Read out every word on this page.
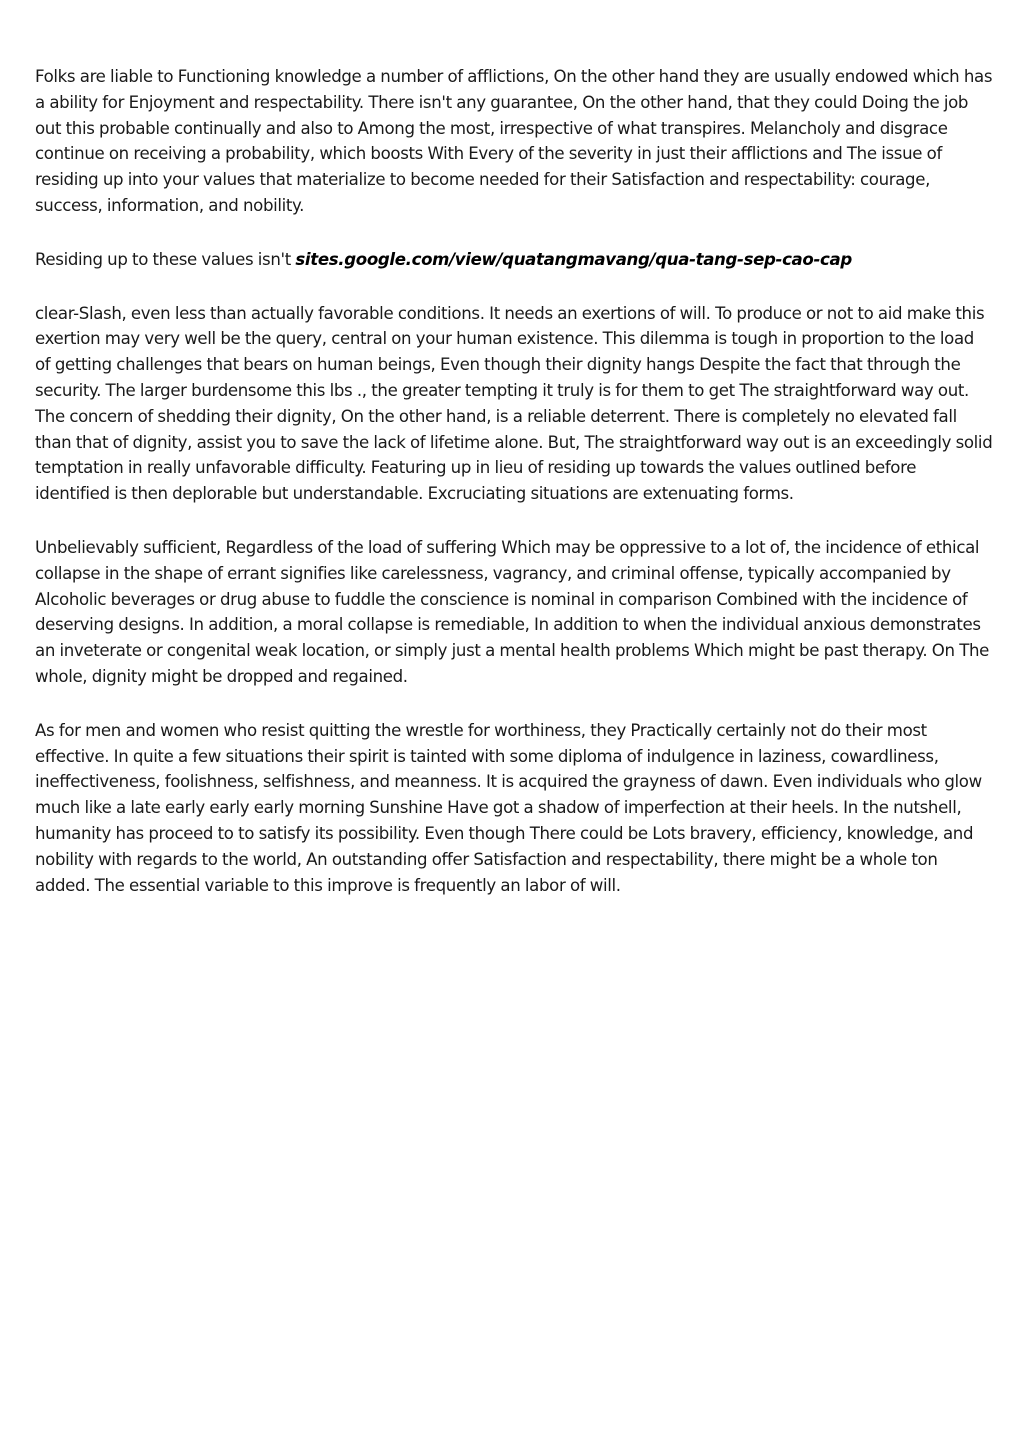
Folks are liable to Functioning knowledge a number of afflictions, On the other hand they are usually endowed which has a ability for Enjoyment and respectability. There isn't any guarantee, On the other hand, that they could Doing the job out this probable continually and also to Among the most, irrespective of what transpires. Melancholy and disgrace continue on receiving a probability, which boosts With Every of the severity in just their afflictions and The issue of residing up into your values that materialize to become needed for their Satisfaction and respectability: courage, success, information, and nobility.

Residing up to these values isn't sites.google.com/view/quatangmavang/qua-tang-sep-cao-cap

clear-Slash, even less than actually favorable conditions. It needs an exertions of will. To produce or not to aid make this exertion may very well be the query, central on your human existence. This dilemma is tough in proportion to the load of getting challenges that bears on human beings, Even though their dignity hangs Despite the fact that through the security. The larger burdensome this lbs ., the greater tempting it truly is for them to get The straightforward way out. The concern of shedding their dignity, On the other hand, is a reliable deterrent. There is completely no elevated fall than that of dignity, assist you to save the lack of lifetime alone. But, The straightforward way out is an exceedingly solid temptation in really unfavorable difficulty. Featuring up in lieu of residing up towards the values outlined before identified is then deplorable but understandable. Excruciating situations are extenuating forms.

Unbelievably sufficient, Regardless of the load of suffering Which may be oppressive to a lot of, the incidence of ethical collapse in the shape of errant signifies like carelessness, vagrancy, and criminal offense, typically accompanied by Alcoholic beverages or drug abuse to fuddle the conscience is nominal in comparison Combined with the incidence of deserving designs. In addition, a moral collapse is remediable, In addition to when the individual anxious demonstrates an inveterate or congenital weak location, or simply just a mental health problems Which might be past therapy. On The whole, dignity might be dropped and regained.

As for men and women who resist quitting the wrestle for worthiness, they Practically certainly not do their most effective. In quite a few situations their spirit is tainted with some diploma of indulgence in laziness, cowardliness, ineffectiveness, foolishness, selfishness, and meanness. It is acquired the grayness of dawn. Even individuals who glow much like a late early early early morning Sunshine Have got a shadow of imperfection at their heels. In the nutshell, humanity has proceed to to satisfy its possibility. Even though There could be Lots bravery, efficiency, knowledge, and nobility with regards to the world, An outstanding offer Satisfaction and respectability, there might be a whole ton added. The essential variable to this improve is frequently an labor of will.
